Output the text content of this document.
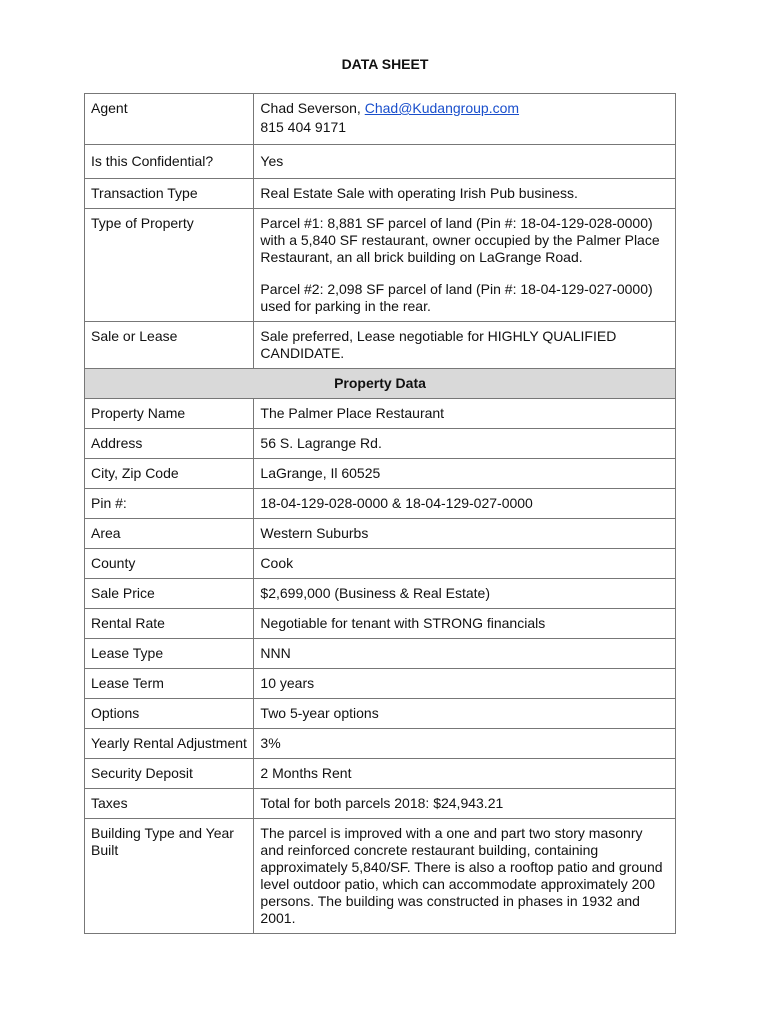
DATA SHEET
Agent	Chad Severson, Chad@Kudangroup.com
815 404 9171

Is this Confidential?	Yes
Transaction Type	Real Estate Sale with operating Irish Pub business.
Type of Property	Parcel #1: 8,881 SF parcel of land (Pin #: 18-04-129-028-0000) with a 5,840 SF restaurant, owner occupied by the Palmer Place Restaurant, an all brick building on LaGrange Road.
Parcel #2: 2,098 SF parcel of land (Pin #: 18-04-129-027-0000) used for parking in the rear.

Sale or Lease	Sale preferred, Lease negotiable for HIGHLY QUALIFIED CANDIDATE.
Property Data	
Property Name	The Palmer Place Restaurant
Address	56 S. Lagrange Rd.
City, Zip Code	LaGrange, Il 60525
Pin #:	18-04-129-028-0000 & 18-04-129-027-0000
Area	Western Suburbs
County	Cook
Sale Price	$2,699,000 (Business & Real Estate)
Rental Rate	Negotiable for tenant with STRONG financials
Lease Type	NNN
Lease Term	10 years
Options	Two 5-year options
Yearly Rental Adjustment	3%
Security Deposit	2 Months Rent
Taxes	Total for both parcels 2018: $24,943.21
Building Type and Year Built	The parcel is improved with a one and part two story masonry and reinforced concrete restaurant building, containing approximately 5,840/SF. There is also a rooftop patio and ground level outdoor patio, which can accommodate approximately 200 persons. The building was constructed in phases in 1932 and 2001.
